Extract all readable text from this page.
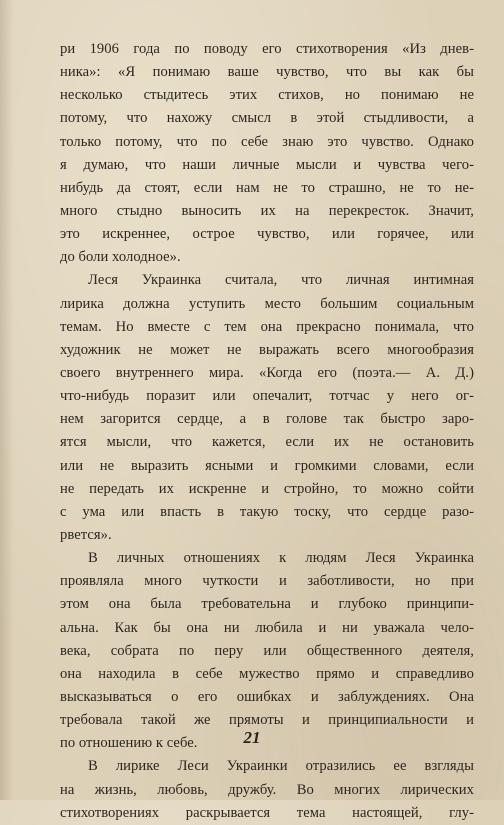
ри 1906 года по поводу его стихотворения «Из днев-
ника»: «Я понимаю ваше чувство, что вы как бы
несколько стыдитесь этих стихов, но понимаю не
потому, что нахожу смысл в этой стыдливости, а
только потому, что по себе знаю это чувство. Однако
я думаю, что наши личные мысли и чувства чего-
нибудь да стоят, если нам не то страшно, не то не-
много стыдно выносить их на перекресток. Значит,
это искреннее, острое чувство, или горячее, или
до боли холодное».
Леся Украинка считала, что личная интимная
лирика должна уступить место большим социальным
темам. Но вместе с тем она прекрасно понимала, что
художник не может не выражать всего многообразия
своего внутреннего мира. «Когда его (поэта.— А. Д.)
что-нибудь поразит или опечалит, тотчас у него ог-
нем загорится сердце, а в голове так быстро заро-
ятся мысли, что кажется, если их не остановить
или не выразить ясными и громкими словами, если
не передать их искренне и стройно, то можно сойти
с ума или впасть в такую тоску, что сердце разо-
рвется».
В личных отношениях к людям Леся Украинка
проявляла много чуткости и заботливости, но при
этом она была требовательна и глубоко принципи-
альна. Как бы она ни любила и ни уважала чело-
века, собрата по перу или общественного деятеля,
она находила в себе мужество прямо и справедливо
высказываться о его ошибках и заблуждениях. Она
требовала такой же прямоты и принципиальности и
по отношению к себе.
В лирике Леси Украинки отразились ее взгляды
на жизнь, любовь, дружбу. Во многих лирических
стихотворениях раскрывается тема настоящей, глу-
21
